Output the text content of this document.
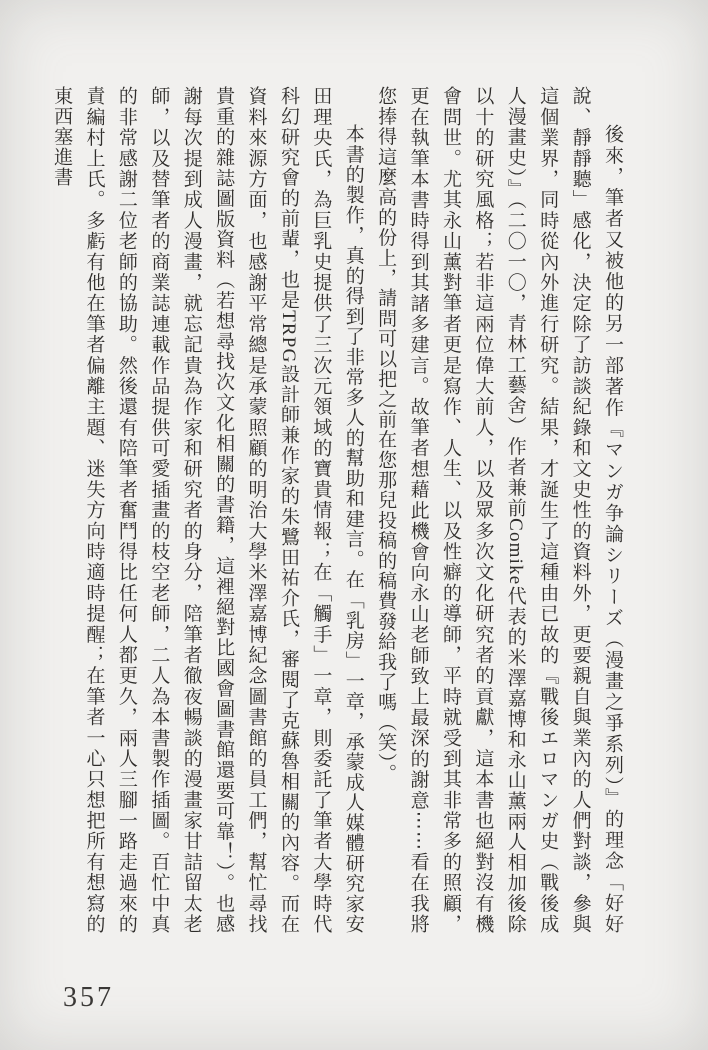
後來，筆者又被他的另一部著作『マンガ争論シリーズ（漫畫之爭系列）』的理念「好好說、靜靜聽」感化，決定除了訪談紀錄和文史性的資料外，更要親自與業內的人們對談，參與這個業界，同時從內外進行研究。結果，才誕生了這種由已故的『戰後エロマンガ史（戰後成人漫畫史）』（二〇一〇，青林工藝舍）作者兼前Comike代表的米澤嘉博和永山薰兩人相加後除以十的研究風格；若非這兩位偉大前人，以及眾多次文化研究者的貢獻，這本書也絕對沒有機會問世。尤其永山薰對筆者更是寫作、人生、以及性癖的導師，平時就受到其非常多的照顧，更在執筆本書時得到其諸多建言。故筆者想藉此機會向永山老師致上最深的謝意⋯⋯看在我將您捧得這麼高的份上，請問可以把之前在您那兒投稿的稿費發給我了嗎（笑）。

本書的製作，真的得到了非常多人的幫助和建言。在「乳房」一章，承蒙成人媒體研究家安田理央氏，為巨乳史提供了三次元領域的寶貴情報；在「觸手」一章，則委託了筆者大學時代科幻研究會的前輩，也是TRPG設計師兼作家的朱鷺田祐介氏，審閱了克蘇魯相關的內容。而在資料來源方面，也感謝平常總是承蒙照顧的明治大學米澤嘉博紀念圖書館的員工們，幫忙尋找貴重的雜誌圖版資料（若想尋找次文化相關的書籍，這裡絕對比國會圖書館還要可靠！）。也感謝每次提到成人漫畫，就忘記貴為作家和研究者的身分，陪筆者徹夜暢談的漫畫家甘詰留太老師，以及替筆者的商業誌連載作品提供可愛插畫的枝空老師，二人為本書製作插圖。百忙中真的非常感謝二位老師的協助。然後還有陪筆者奮鬥得比任何人都更久，兩人三腳一路走過來的責編村上氏。多虧有他在筆者偏離主題、迷失方向時適時提醒；在筆者一心只想把所有想寫的東西塞進書

357
